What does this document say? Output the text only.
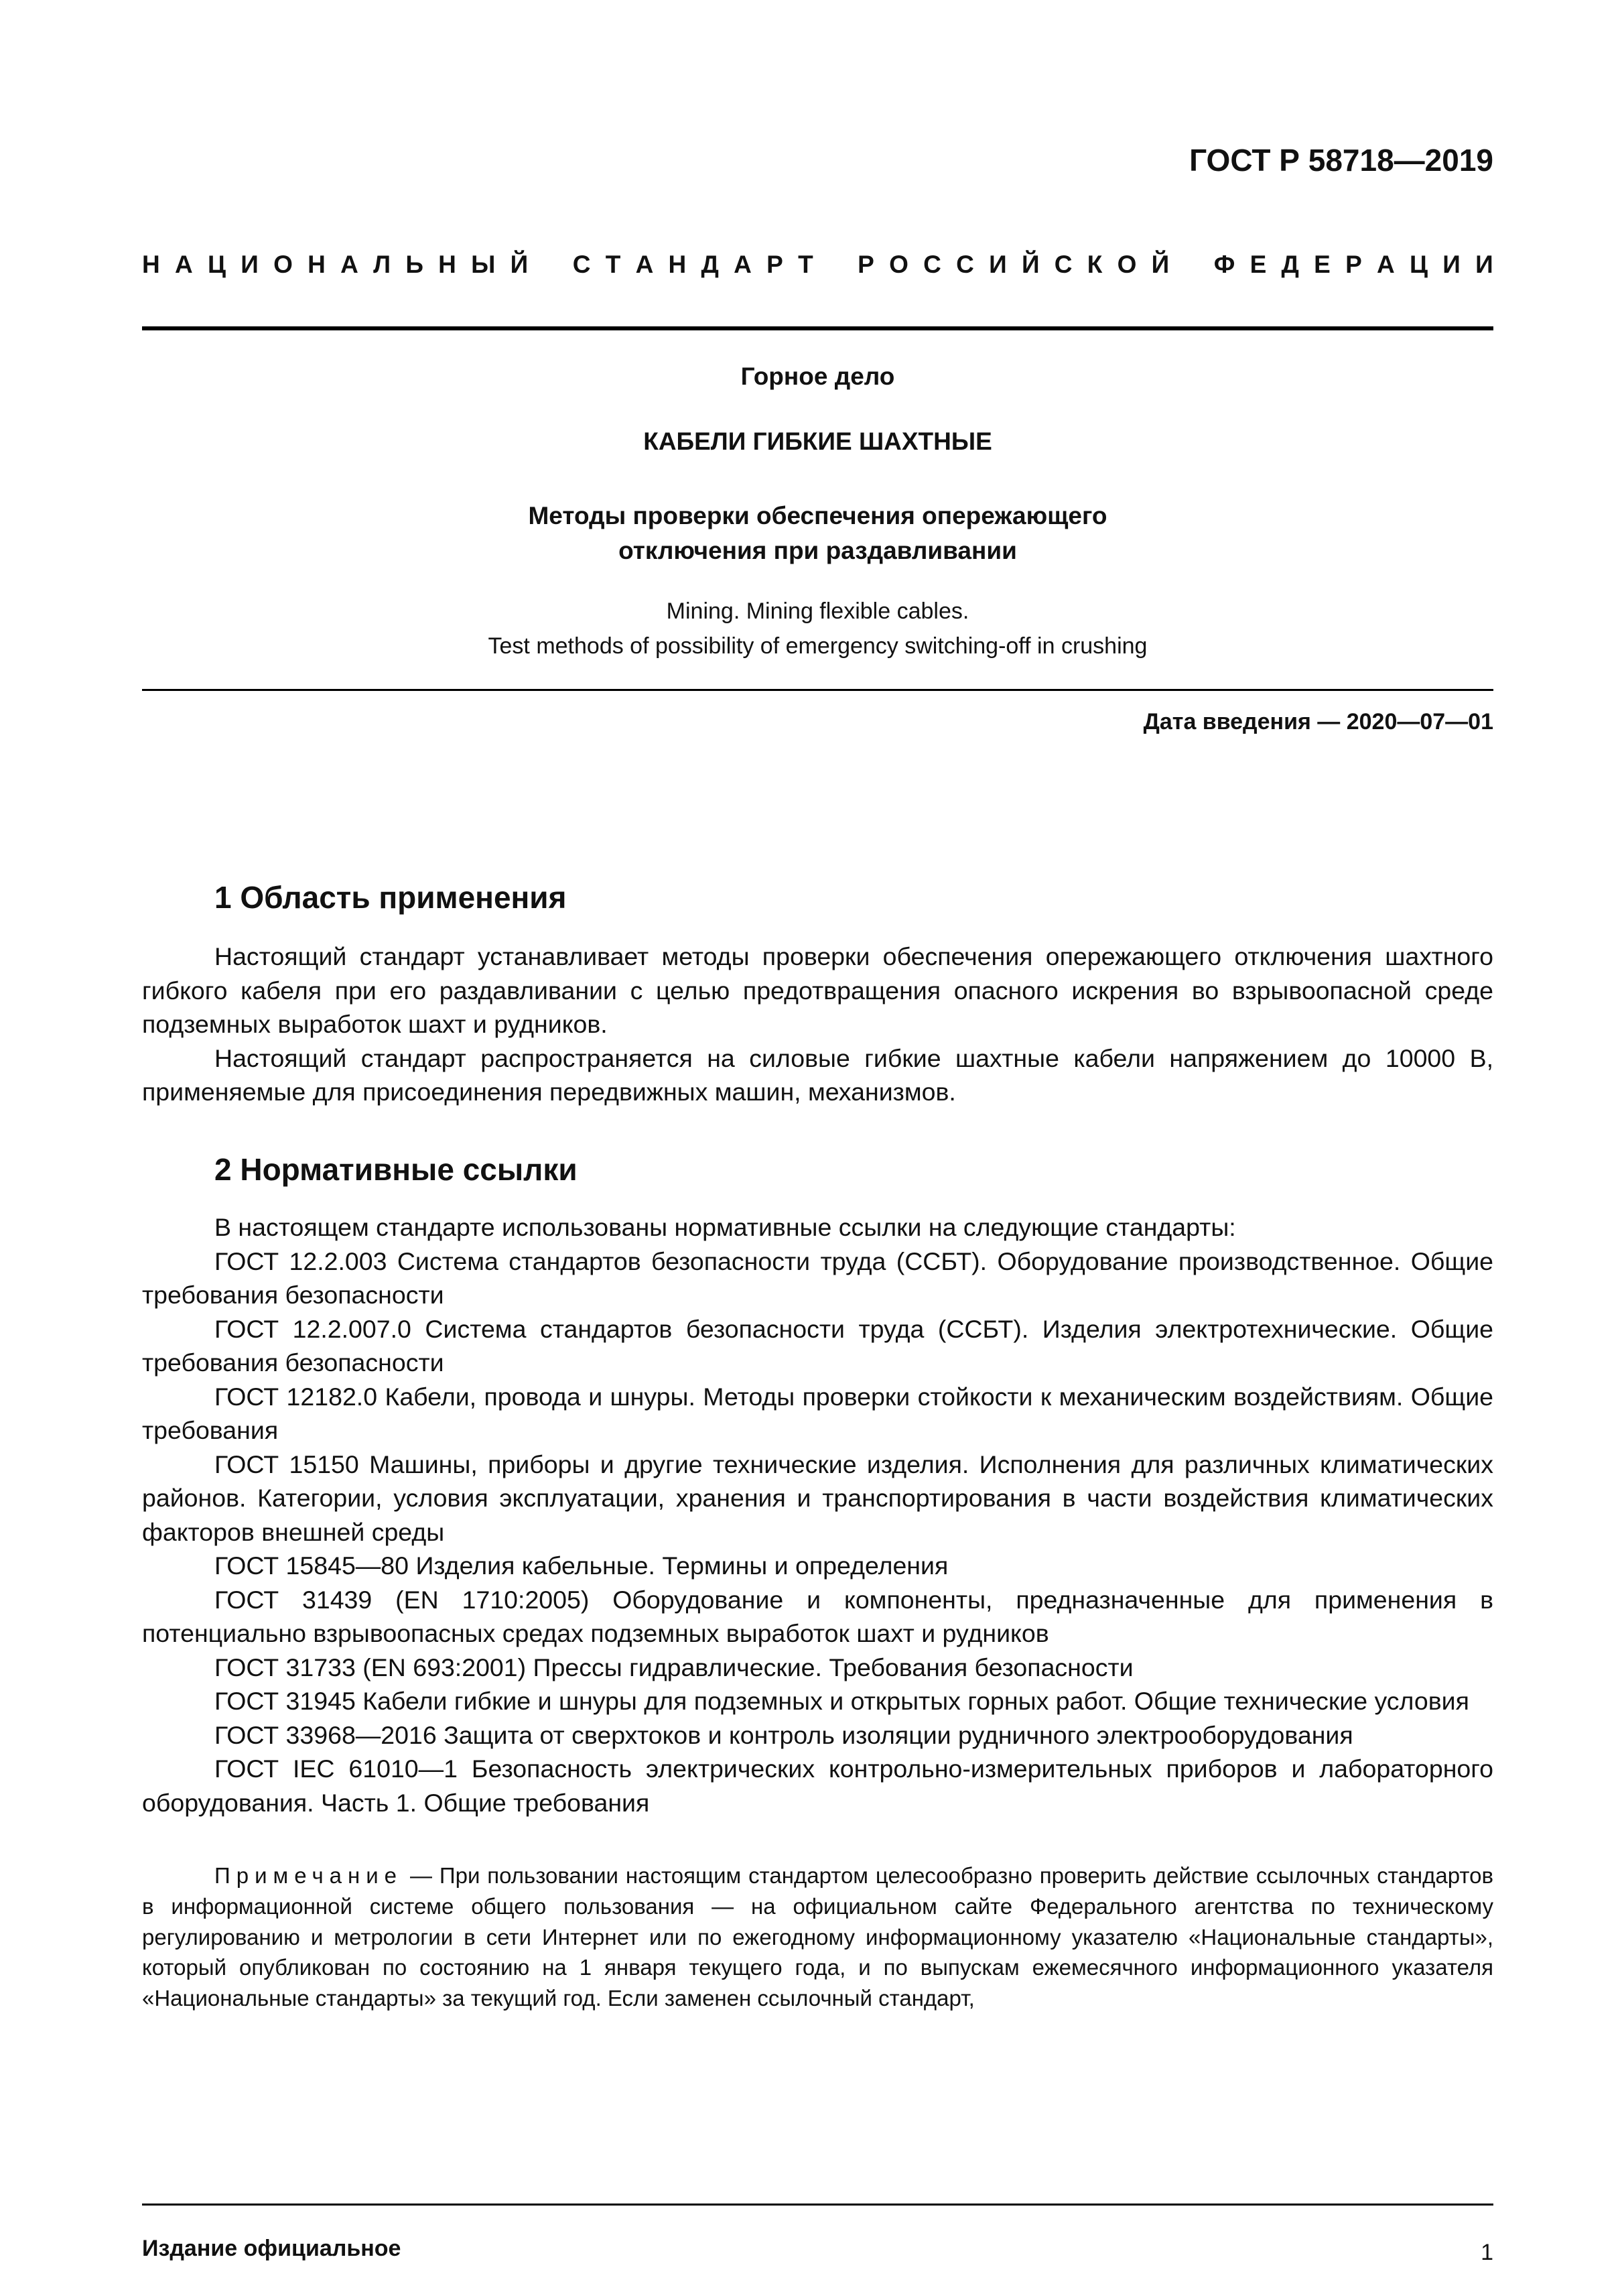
ГОСТ Р 58718—2019
Н А Ц И О Н А Л Ь Н Ы Й
С Т А Н Д А Р Т
Р О С С И Й С К О Й
Ф Е Д Е Р А Ц И И
Горное дело
КАБЕЛИ ГИБКИЕ ШАХТНЫЕ
Методы проверки обеспечения опережающего
отключения при раздавливании
Mining. Mining flexible cables.
Test methods of possibility of emergency switching-off in crushing
Дата введения — 2020—07—01
1 Область применения

Настоящий стандарт устанавливает методы проверки обеспечения опережающего отключения шахтного гибкого кабеля при его раздавливании с целью предотвращения опасного искрения во взрывоопасной среде подземных выработок шахт и рудников.

Настоящий стандарт распространяется на силовые гибкие шахтные кабели напряжением до 10000 В, применяемые для присоединения передвижных машин, механизмов.

2 Нормативные ссылки

В настоящем стандарте использованы нормативные ссылки на следующие стандарты:

ГОСТ 12.2.003 Система стандартов безопасности труда (ССБТ). Оборудование производственное. Общие требования безопасности

ГОСТ 12.2.007.0 Система стандартов безопасности труда (ССБТ). Изделия электротехнические. Общие требования безопасности

ГОСТ 12182.0 Кабели, провода и шнуры. Методы проверки стойкости к механическим воздействиям. Общие требования

ГОСТ 15150 Машины, приборы и другие технические изделия. Исполнения для различных климатических районов. Категории, условия эксплуатации, хранения и транспортирования в части воздействия климатических факторов внешней среды

ГОСТ 15845—80 Изделия кабельные. Термины и определения

ГОСТ 31439 (EN 1710:2005) Оборудование и компоненты, предназначенные для применения в потенциально взрывоопасных средах подземных выработок шахт и рудников

ГОСТ 31733 (EN 693:2001) Прессы гидравлические. Требования безопасности

ГОСТ 31945 Кабели гибкие и шнуры для подземных и открытых горных работ. Общие технические условия

ГОСТ 33968—2016 Защита от сверхтоков и контроль изоляции рудничного электрооборудования

ГОСТ IEC 61010—1 Безопасность электрических контрольно-измерительных приборов и лабораторного оборудования. Часть 1. Общие требования

Примечание — При пользовании настоящим стандартом целесообразно проверить действие ссылочных стандартов в информационной системе общего пользования — на официальном сайте Федерального агентства по техническому регулированию и метрологии в сети Интернет или по ежегодному информационному указателю «Национальные стандарты», который опубликован по состоянию на 1 января текущего года, и по выпускам ежемесячного информационного указателя «Национальные стандарты» за текущий год. Если заменен ссылочный стандарт,
Издание официальное	1
